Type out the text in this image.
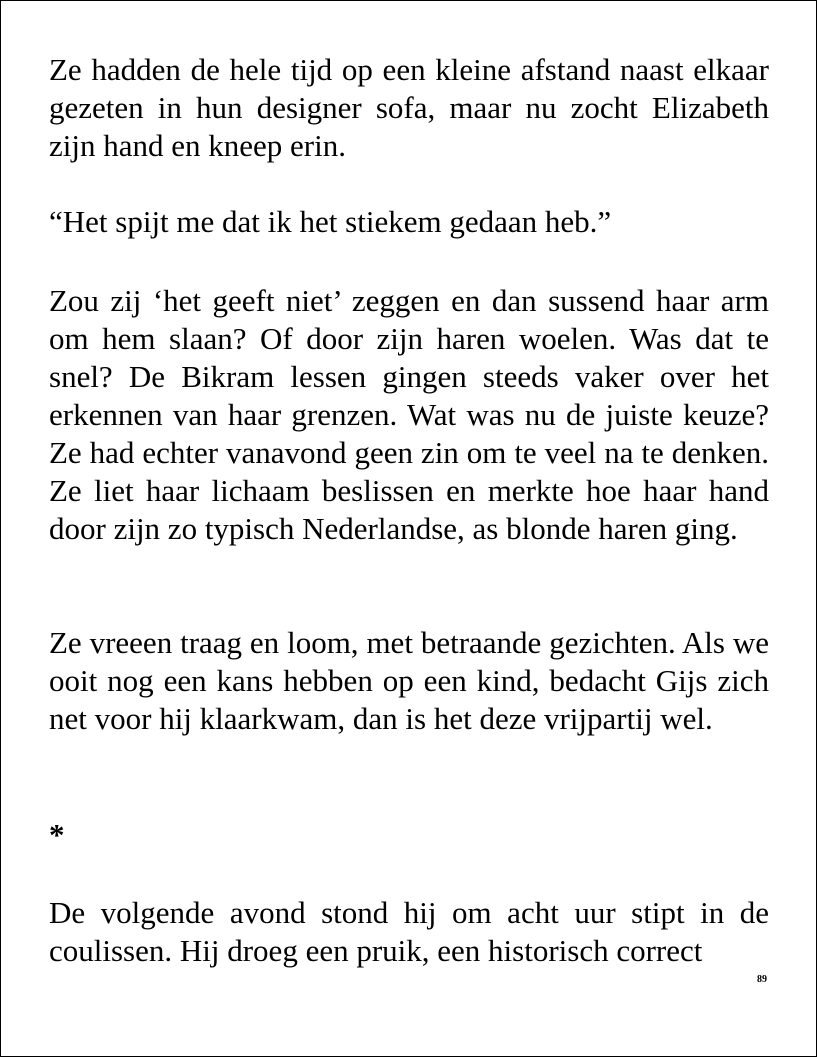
Ze hadden de hele tijd op een kleine afstand naast elkaar gezeten in hun designer sofa, maar nu zocht Elizabeth zijn hand en kneep erin.

“Het spijt me dat ik het stiekem gedaan heb.”

Zou zij ‘het geeft niet’ zeggen en dan sussend haar arm om hem slaan? Of door zijn haren woelen. Was dat te snel? De Bikram lessen gingen steeds vaker over het erkennen van haar grenzen. Wat was nu de juiste keuze? Ze had echter vanavond geen zin om te veel na te denken. Ze liet haar lichaam beslissen en merkte hoe haar hand door zijn zo typisch Nederlandse, as blonde haren ging.

Ze vreeen traag en loom, met betraande gezichten. Als we ooit nog een kans hebben op een kind, bedacht Gijs zich net voor hij klaarkwam, dan is het deze vrijpartij wel.

*

De volgende avond stond hij om acht uur stipt in de coulissen. Hij droeg een pruik, een historisch correct

89
